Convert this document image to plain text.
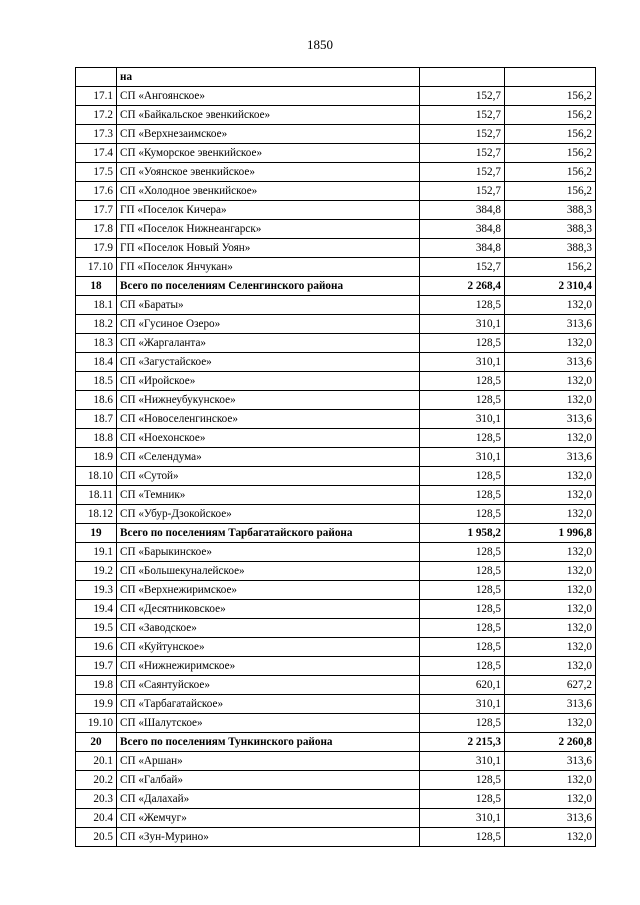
1850
	на		
17.1	СП «Ангоянское»	152,7	156,2
17.2	СП «Байкальское эвенкийское»	152,7	156,2
17.3	СП «Верхнезаимское»	152,7	156,2
17.4	СП «Куморское эвенкийское»	152,7	156,2
17.5	СП «Уоянское эвенкийское»	152,7	156,2
17.6	СП «Холодное эвенкийское»	152,7	156,2
17.7	ГП «Поселок Кичера»	384,8	388,3
17.8	ГП «Поселок Нижнеангарск»	384,8	388,3
17.9	ГП «Поселок Новый Уоян»	384,8	388,3
17.10	ГП «Поселок Янчукан»	152,7	156,2
18	Всего по поселениям Селенгинского района	2 268,4	2 310,4
18.1	СП «Бараты»	128,5	132,0
18.2	СП «Гусиное Озеро»	310,1	313,6
18.3	СП «Жаргаланта»	128,5	132,0
18.4	СП «Загустайское»	310,1	313,6
18.5	СП «Иройское»	128,5	132,0
18.6	СП «Нижнеубукунское»	128,5	132,0
18.7	СП «Новоселенгинское»	310,1	313,6
18.8	СП «Ноехонское»	128,5	132,0
18.9	СП «Селендума»	310,1	313,6
18.10	СП «Сутой»	128,5	132,0
18.11	СП «Темник»	128,5	132,0
18.12	СП «Убур-Дзокойское»	128,5	132,0
19	Всего по поселениям Тарбагатайского района	1 958,2	1 996,8
19.1	СП «Барыкинское»	128,5	132,0
19.2	СП «Большекуналейское»	128,5	132,0
19.3	СП «Верхнежиримское»	128,5	132,0
19.4	СП «Десятниковское»	128,5	132,0
19.5	СП «Заводское»	128,5	132,0
19.6	СП «Куйтунское»	128,5	132,0
19.7	СП «Нижнежиримское»	128,5	132,0
19.8	СП «Саянтуйское»	620,1	627,2
19.9	СП «Тарбагатайское»	310,1	313,6
19.10	СП «Шалутское»	128,5	132,0
20	Всего по поселениям Тункинского района	2 215,3	2 260,8
20.1	СП «Аршан»	310,1	313,6
20.2	СП «Галбай»	128,5	132,0
20.3	СП «Далахай»	128,5	132,0
20.4	СП «Жемчуг»	310,1	313,6
20.5	СП «Зун-Мурино»	128,5	132,0
